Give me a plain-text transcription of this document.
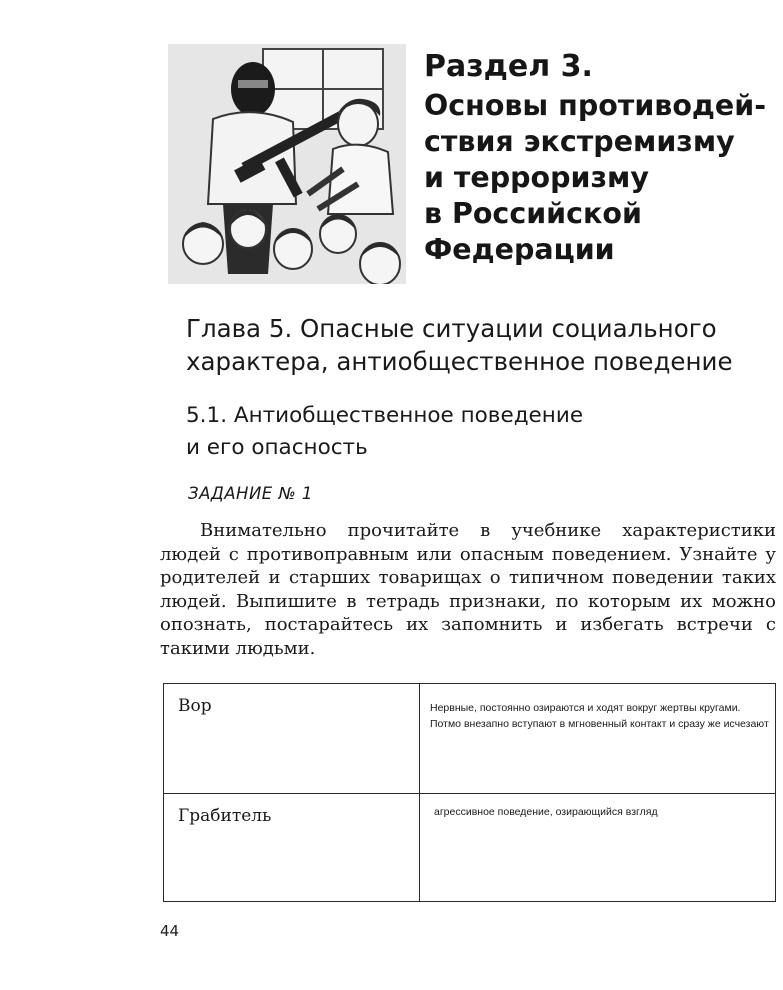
Раздел 3.
Основы противодей-
ствия экстремизму
и терроризму
в Российской
Федерации
Глава 5. Опасные ситуации социального
характера, антиобщественное поведение
5.1. Антиобщественное поведение
и его опасность
ЗАДАНИЕ № 1
Внимательно прочитайте в учебнике характеристики людей с противоправным или опасным поведением. Узнайте у родителей и старших товарищах о типичном поведении таких людей. Выпишите в тетрадь признаки, по которым их можно опознать, постарайтесь их запомнить и избегать встречи с такими людьми.
Вор	Нервные, постоянно озираются и ходят вокруг жертвы кругами. Потмо внезапно вступают в мгновенный контакт и сразу же исчезают

Грабитель	агрессивное поведение, озирающийся взгляд
44
